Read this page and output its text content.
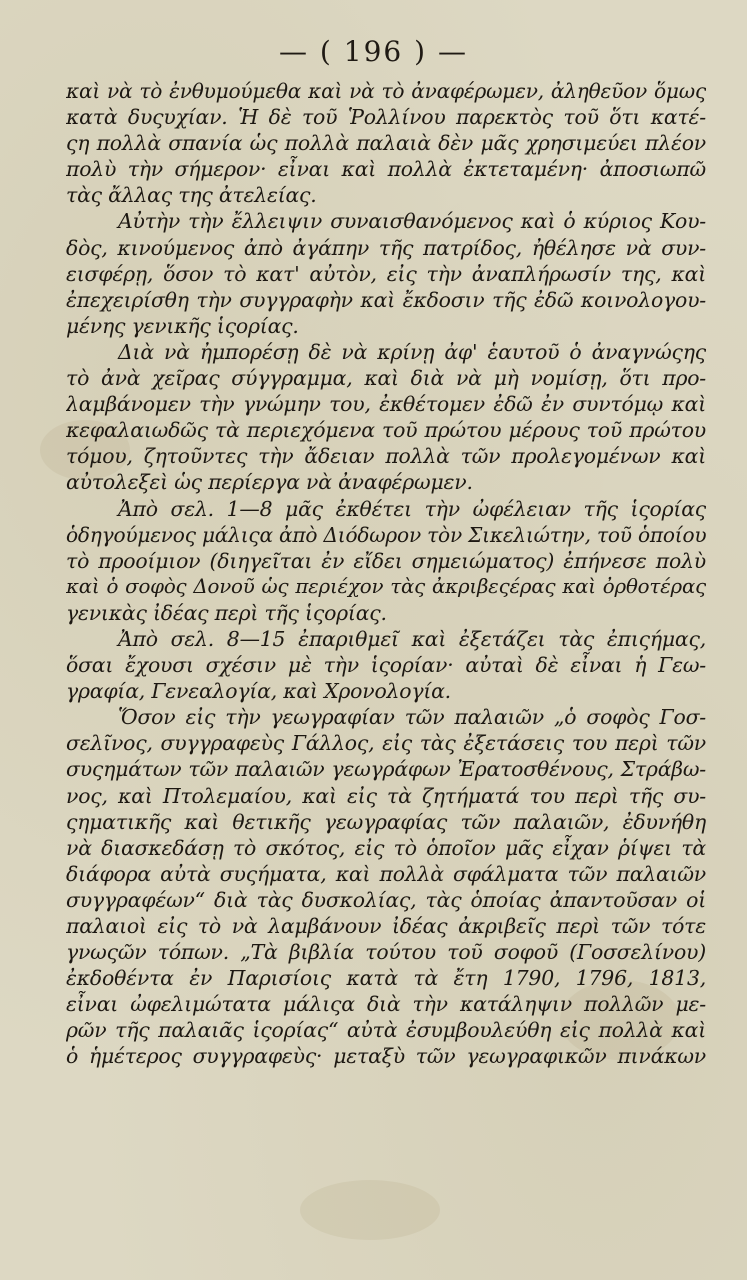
— ( 196 ) —
καὶ νὰ τὸ ἐνθυμούμεθα καὶ νὰ τὸ ἀναφέρωμεν, ἀληθεῦον ὅμως
κατὰ δυςυχίαν. Ἡ δὲ τοῦ Ῥολλίνου παρεκτὸς τοῦ ὅτι κατέ-
ςη πολλὰ σπανία ὡς πολλὰ παλαιὰ δὲν μᾶς χρησιμεύει πλέον
πολὺ τὴν σήμερον· εἶναι καὶ πολλὰ ἐκτεταμένη· ἀποσιωπῶ
τὰς ἄλλας της ἀτελείας.
Αὐτὴν τὴν ἔλλειψιν συναισθανόμενος καὶ ὁ κύριος Κου-
δὸς, κινούμενος ἀπὸ ἀγάπην τῆς πατρίδος, ἠθέλησε νὰ συν-
εισφέρῃ, ὅσον τὸ κατ' αὐτὸν, εἰς τὴν ἀναπλήρωσίν της, καὶ
ἐπεχειρίσθη τὴν συγγραφὴν καὶ ἔκδοσιν τῆς ἐδῶ κοινολογου-
μένης γενικῆς ἱςορίας.
Διὰ νὰ ἠμπορέσῃ δὲ νὰ κρίνῃ ἀφ' ἑαυτοῦ ὁ ἀναγνώςης
τὸ ἀνὰ χεῖρας σύγγραμμα, καὶ διὰ νὰ μὴ νομίσῃ, ὅτι προ-
λαμβάνομεν τὴν γνώμην του, ἐκθέτομεν ἐδῶ ἐν συντόμῳ καὶ
κεφαλαιωδῶς τὰ περιεχόμενα τοῦ πρώτου μέρους τοῦ πρώτου
τόμου, ζητοῦντες τὴν ἄδειαν πολλὰ τῶν προλεγομένων καὶ
αὐτολεξεὶ ὡς περίεργα νὰ ἀναφέρωμεν.
Ἀπὸ σελ. 1—8 μᾶς ἐκθέτει τὴν ὠφέλειαν τῆς ἱςορίας
ὁδηγούμενος μάλιςα ἀπὸ Διόδωρον τὸν Σικελιώτην, τοῦ ὁποίου
τὸ προοίμιον (διηγεῖται ἐν εἴδει σημειώματος) ἐπήνεσε πολὺ
καὶ ὁ σοφὸς Δονοῦ ὡς περιέχον τὰς ἀκριβεςέρας καὶ ὀρθοτέρας
γενικὰς ἰδέας περὶ τῆς ἱςορίας.
Ἀπὸ σελ. 8—15 ἐπαριθμεῖ καὶ ἐξετάζει τὰς ἐπιςήμας,
ὅσαι ἔχουσι σχέσιν μὲ τὴν ἱςορίαν· αὐταὶ δὲ εἶναι ἡ Γεω-
γραφία, Γενεαλογία, καὶ Χρονολογία.
Ὅσον εἰς τὴν γεωγραφίαν τῶν παλαιῶν „ὁ σοφὸς Γοσ-
σελῖνος, συγγραφεὺς Γάλλος, εἰς τὰς ἐξετάσεις του περὶ τῶν
συςημάτων τῶν παλαιῶν γεωγράφων Ἐρατοσθένους, Στράβω-
νος, καὶ Πτολεμαίου, καὶ εἰς τὰ ζητήματά του περὶ τῆς συ-
ςηματικῆς καὶ θετικῆς γεωγραφίας τῶν παλαιῶν, ἐδυνήθη
νὰ διασκεδάσῃ τὸ σκότος, εἰς τὸ ὁποῖον μᾶς εἶχαν ῥίψει τὰ
διάφορα αὐτὰ συςήματα, καὶ πολλὰ σφάλματα τῶν παλαιῶν
συγγραφέων“ διὰ τὰς δυσκολίας, τὰς ὁποίας ἀπαντοῦσαν οἱ
παλαιοὶ εἰς τὸ νὰ λαμβάνουν ἰδέας ἀκριβεῖς περὶ τῶν τότε
γνωςῶν τόπων. „Τὰ βιβλία τούτου τοῦ σοφοῦ (Γοσσελίνου)
ἐκδοθέντα ἐν Παρισίοις κατὰ τὰ ἔτη 1790, 1796, 1813,
εἶναι ὠφελιμώτατα μάλιςα διὰ τὴν κατάληψιν πολλῶν με-
ρῶν τῆς παλαιᾶς ἱςορίας“ αὐτὰ ἐσυμβουλεύθη εἰς πολλὰ καὶ
ὁ ἡμέτερος συγγραφεὺς· μεταξὺ τῶν γεωγραφικῶν πινάκων
